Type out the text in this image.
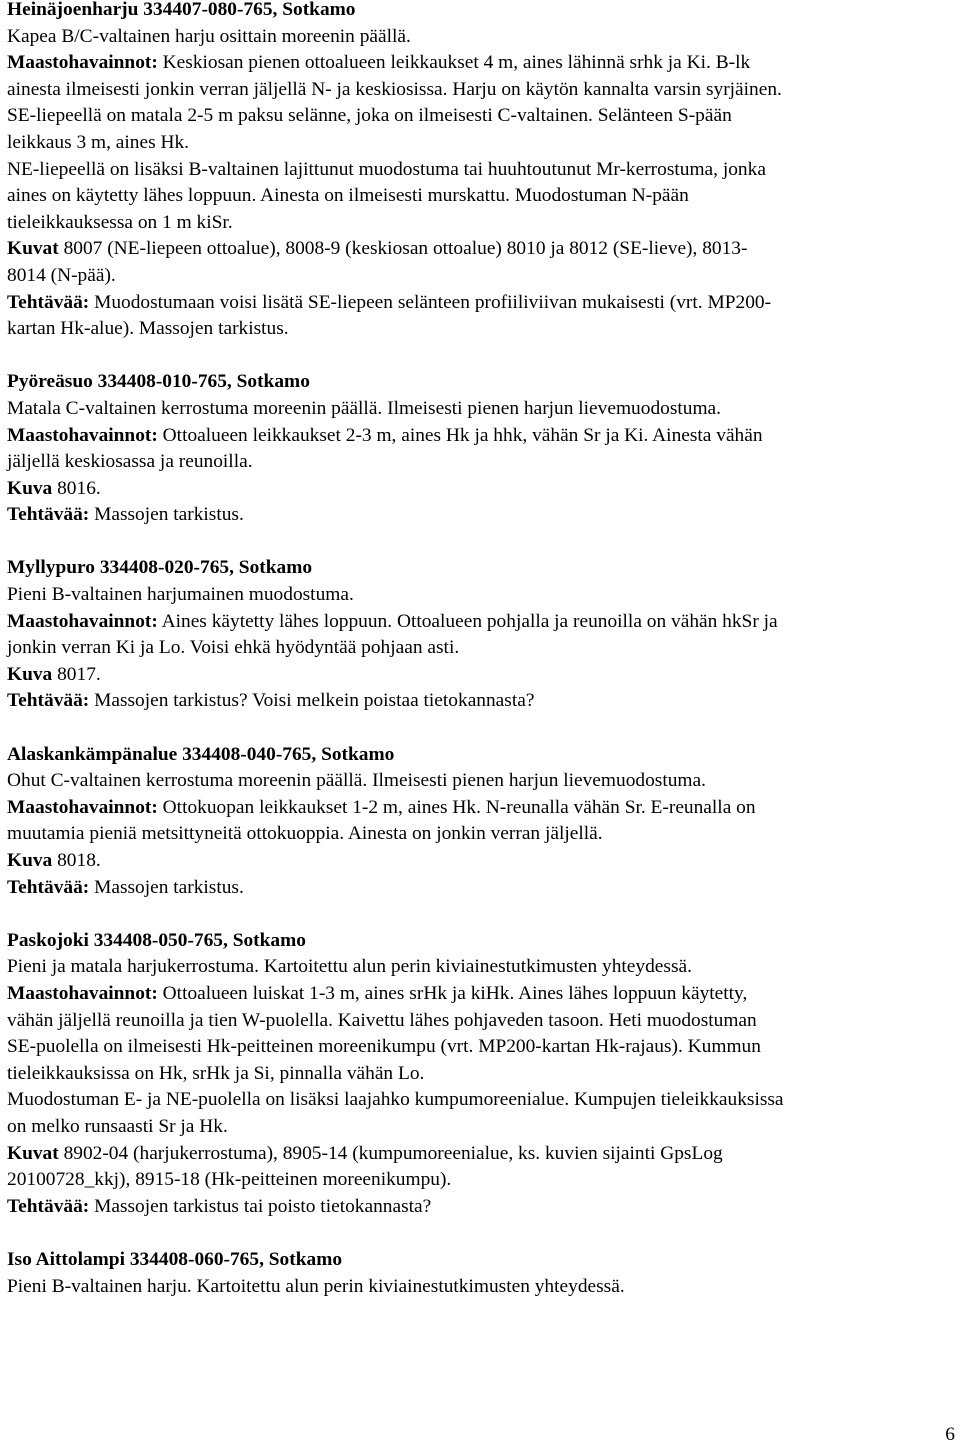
Heinäjoenharju 334407-080-765, Sotkamo
Kapea B/C-valtainen harju osittain moreenin päällä.
Maastohavainnot: Keskiosan pienen ottoalueen leikkaukset 4 m, aines lähinnä srhk ja Ki. B-lk
ainesta ilmeisesti jonkin verran jäljellä N- ja keskiosissa. Harju on käytön kannalta varsin syrjäinen.
SE-liepeellä on matala 2-5 m paksu selänne, joka on ilmeisesti C-valtainen. Selänteen S-pään
leikkaus 3 m, aines Hk.
NE-liepeellä on lisäksi B-valtainen lajittunut muodostuma tai huuhtoutunut Mr-kerrostuma, jonka
aines on käytetty lähes loppuun. Ainesta on ilmeisesti murskattu. Muodostuman N-pään
tieleikkauksessa on 1 m kiSr.
Kuvat 8007 (NE-liepeen ottoalue), 8008-9 (keskiosan ottoalue) 8010 ja 8012 (SE-lieve), 8013-
8014 (N-pää).
Tehtävää: Muodostumaan voisi lisätä SE-liepeen selänteen profiiliviivan mukaisesti (vrt. MP200-
kartan Hk-alue). Massojen tarkistus.
Pyöreäsuo 334408-010-765, Sotkamo
Matala C-valtainen kerrostuma moreenin päällä. Ilmeisesti pienen harjun lievemuodostuma.
Maastohavainnot: Ottoalueen leikkaukset 2-3 m, aines Hk ja hhk, vähän Sr ja Ki. Ainesta vähän
jäljellä keskiosassa ja reunoilla.
Kuva 8016.
Tehtävää: Massojen tarkistus.
Myllypuro 334408-020-765, Sotkamo
Pieni B-valtainen harjumainen muodostuma.
Maastohavainnot: Aines käytetty lähes loppuun. Ottoalueen pohjalla ja reunoilla on vähän hkSr ja
jonkin verran Ki ja Lo. Voisi ehkä hyödyntää pohjaan asti.
Kuva 8017.
Tehtävää: Massojen tarkistus? Voisi melkein poistaa tietokannasta?
Alaskankämpänalue 334408-040-765, Sotkamo
Ohut C-valtainen kerrostuma moreenin päällä. Ilmeisesti pienen harjun lievemuodostuma.
Maastohavainnot: Ottokuopan leikkaukset 1-2 m, aines Hk. N-reunalla vähän Sr. E-reunalla on
muutamia pieniä metsittyneitä ottokuoppia. Ainesta on jonkin verran jäljellä.
Kuva 8018.
Tehtävää: Massojen tarkistus.
Paskojoki 334408-050-765, Sotkamo
Pieni ja matala harjukerrostuma. Kartoitettu alun perin kiviainestutkimusten yhteydessä.
Maastohavainnot: Ottoalueen luiskat 1-3 m, aines srHk ja kiHk. Aines lähes loppuun käytetty,
vähän jäljellä reunoilla ja tien W-puolella. Kaivettu lähes pohjaveden tasoon. Heti muodostuman
SE-puolella on ilmeisesti Hk-peitteinen moreenikumpu (vrt. MP200-kartan Hk-rajaus). Kummun
tieleikkauksissa on Hk, srHk ja Si, pinnalla vähän Lo.
Muodostuman E- ja NE-puolella on lisäksi laajahko kumpumoreenialue. Kumpujen tieleikkauksissa
on melko runsaasti Sr ja Hk.
Kuvat 8902-04 (harjukerrostuma), 8905-14 (kumpumoreenialue, ks. kuvien sijainti GpsLog
20100728_kkj), 8915-18 (Hk-peitteinen moreenikumpu).
Tehtävää: Massojen tarkistus tai poisto tietokannasta?
Iso Aittolampi 334408-060-765, Sotkamo
Pieni B-valtainen harju. Kartoitettu alun perin kiviainestutkimusten yhteydessä.
6
